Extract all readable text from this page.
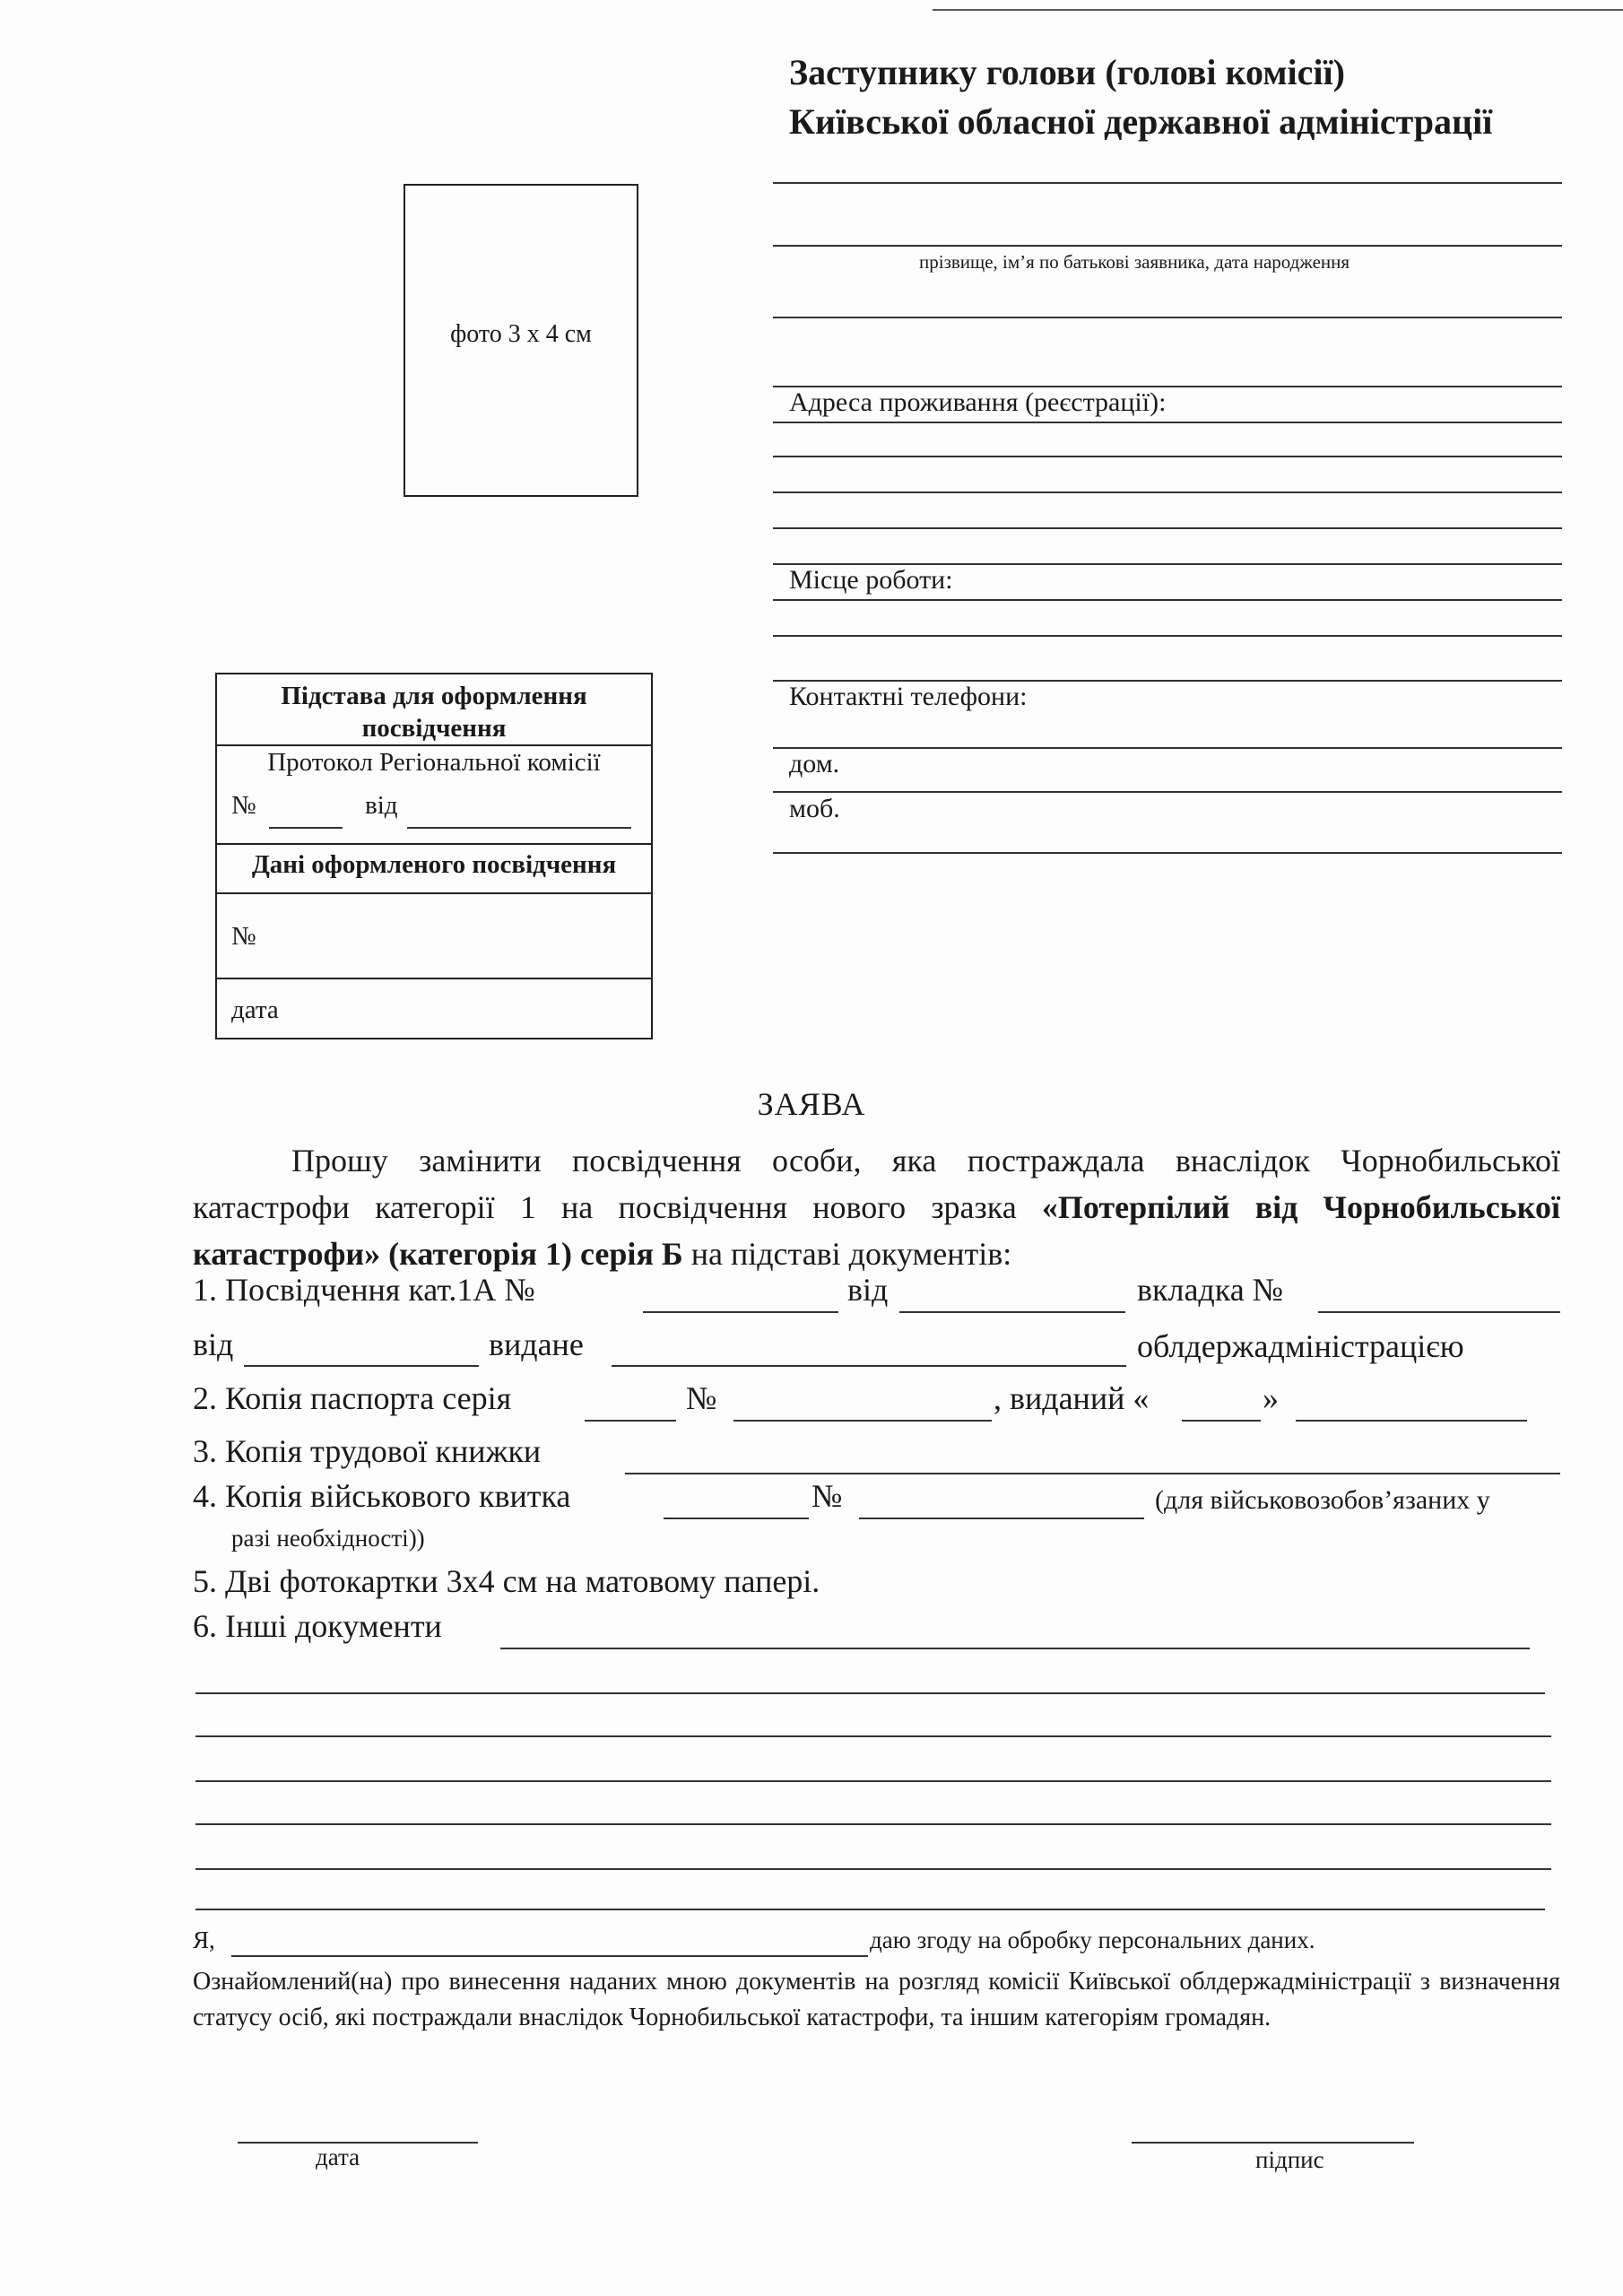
Заступнику голови (голові комісії)
Київської обласної державної адміністрації
фото 3 х 4 см
прізвище, ім’я по батькові заявника, дата народження
Адреса проживання (реєстрації):
Місце роботи:
Контактні телефони:
дом.
моб.
Підстава для оформлення
посвідчення
Протокол Регіональної комісії
№	від
Дані оформленого посвідчення
№
дата
ЗАЯВА
Прошу замінити посвідчення особи, яка постраждала внаслідок Чорнобильської катастрофи категорії 1 на посвідчення нового зразка «Потерпілий від Чорнобильської катастрофи» (категорія 1) серія Б на підставі документів:
1. Посвідчення кат.1А №	від	вкладка №
від	видане	облдержадміністрацією
2. Копія паспорта серія	№	, виданий «	»
3. Копія трудової книжки
4. Копія військового квитка	№	(для військовозобов’язаних у
разі необхідності))
5. Дві фотокартки 3х4 см на матовому папері.
6. Інші документи
Я,	даю згоду на обробку персональних даних.
Ознайомлений(на) про винесення наданих мною документів на розгляд комісії Київської облдержадміністрації з визначення статусу осіб, які постраждали внаслідок Чорнобильської катастрофи, та іншим категоріям громадян.
дата	підпис
